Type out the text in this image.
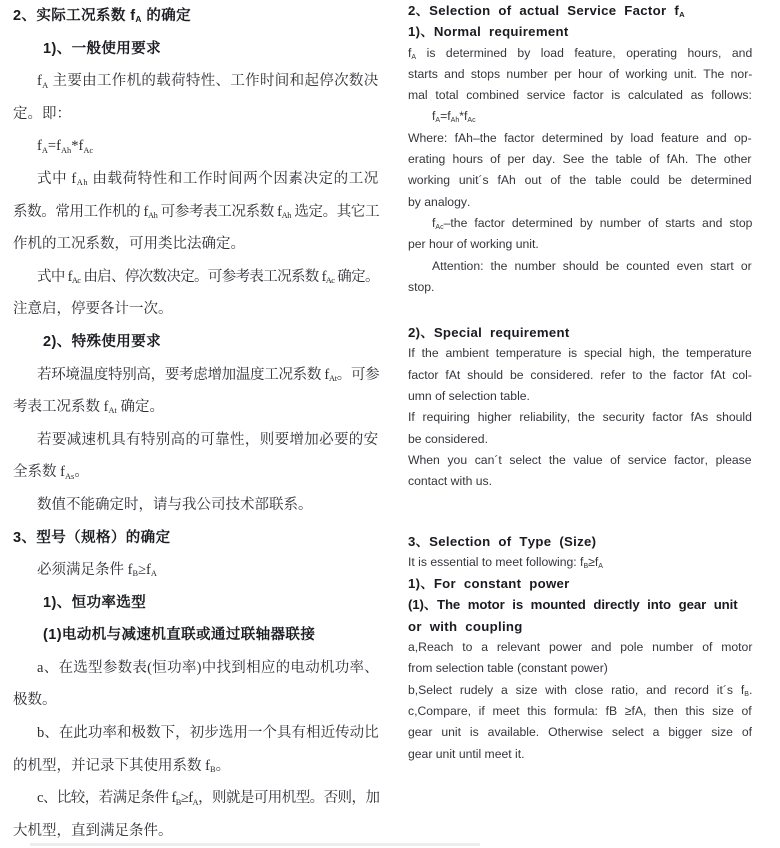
2、实际工况系数 $f_A$ 的确定
1)、一般使用要求
$f_A$ 主要由工作机的载荷特性、工作时间和起停次数决
定。即：
$f_A=f_{Ah}*f_{Ac}$
式中 $f_{Ah}$ 由载荷特性和工作时间两个因素决定的工况
系数。常用工作机的 $f_{Ah}$ 可参考表工况系数 $f_{Ah}$ 选定。其它工
作机的工况系数，可用类比法确定。
式中 $f_{Ac}$ 由启、停次数决定。可参考表工况系数 $f_{Ac}$ 确定。
注意启，停要各计一次。
2)、特殊使用要求
若环境温度特别高，要考虑增加温度工况系数 $f_{At}$。可参
考表工况系数 $f_{At}$ 确定。
若要减速机具有特别高的可靠性，则要增加必要的安
全系数 $f_{As}$。
数值不能确定时，请与我公司技术部联系。
3、型号（规格）的确定
必须满足条件 $f_B\ge f_A$
1)、恒功率选型
(1)电动机与减速机直联或通过联轴器联接
a、在选型参数表(恒功率)中找到相应的电动机功率、
极数。
b、在此功率和极数下，初步选用一个具有相近传动比
的机型，并记录下其使用系数 $f_B$。
c、比较，若满足条件 $f_B\ge f_A$，则就是可用机型。否则，加
大机型，直到满足条件。
2、Selection of actual Service Factor $f_A$
1)、Normal requirement
$f_A$ is determined by load feature, operating hours, and
starts and stops number per hour of working unit. The nor-
mal total combined service factor is calculated as follows:
$f_A=f_{Ah}*f_{Ac}$
Where: fAh–the factor determined by load feature and op-
erating hours of per day. See the table of fAh. The other
working unit´s fAh out of the table could be determined
by analogy.
$f_{Ac}$–the factor determined by number of starts and stop
per hour of working unit.
Attention: the number should be counted even start or
stop.
2)、Special requirement
If the ambient temperature is special high, the temperature
factor fAt should be considered. refer to the factor fAt col-
umn of selection table.
If requiring higher reliability, the security factor fAs should
be considered.
When you can´t select the value of service factor, please
contact with us.
3、Selection of Type (Size)
It is essential to meet following: $f_B\ge f_A$
1)、For constant power
(1)、The motor is mounted directly into gear unit
or with coupling
a,Reach to a relevant power and pole number of motor
from selection table (constant power)
b,Select rudely a size with close ratio, and record it´s $f_B$.
c,Compare, if meet this formula: fB ≥fA, then this size of
gear unit is available. Otherwise select a bigger size of
gear unit until meet it.
